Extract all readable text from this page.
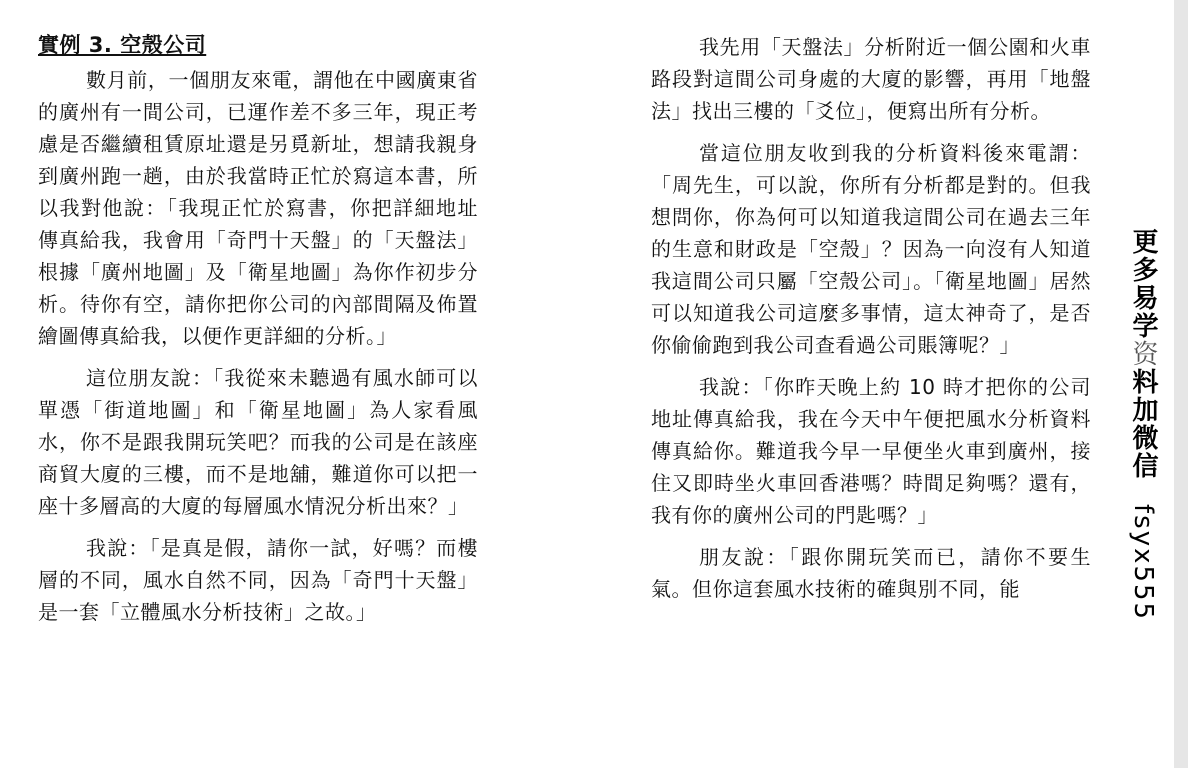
實例 3. 空殼公司

數月前，一個朋友來電，謂他在中國廣東省的廣州有一間公司，已運作差不多三年，現正考慮是否繼續租賃原址還是另覓新址，想請我親身到廣州跑一趟，由於我當時正忙於寫這本書，所以我對他說：「我現正忙於寫書，你把詳細地址傳真給我，我會用「奇門十天盤」的「天盤法」根據「廣州地圖」及「衛星地圖」為你作初步分析。待你有空，請你把你公司的內部間隔及佈置繪圖傳真給我，以便作更詳細的分析。」

這位朋友說：「我從來未聽過有風水師可以單憑「街道地圖」和「衛星地圖」為人家看風水，你不是跟我開玩笑吧？而我的公司是在該座商貿大廈的三樓，而不是地舖，難道你可以把一座十多層高的大廈的每層風水情況分析出來？」

我說：「是真是假，請你一試，好嗎？而樓層的不同，風水自然不同，因為「奇門十天盤」是一套「立體風水分析技術」之故。」

我先用「天盤法」分析附近一個公園和火車路段對這間公司身處的大廈的影響，再用「地盤法」找出三樓的「爻位」，便寫出所有分析。

當這位朋友收到我的分析資料後來電謂：「周先生，可以說，你所有分析都是對的。但我想問你，你為何可以知道我這間公司在過去三年的生意和財政是「空殼」？因為一向沒有人知道我這間公司只屬「空殼公司」。「衛星地圖」居然可以知道我公司這麼多事情，這太神奇了，是否你偷偷跑到我公司查看過公司賬簿呢？」

我說：「你昨天晚上約 10 時才把你的公司地址傳真給我，我在今天中午便把風水分析資料傳真給你。難道我今早一早便坐火車到廣州，接住又即時坐火車回香港嗎？時間足夠嗎？還有，我有你的廣州公司的門匙嗎？」

朋友說：「跟你開玩笑而已，請你不要生氣。但你這套風水技術的確與別不同，能

更多易学资料加微信 fsyx555
